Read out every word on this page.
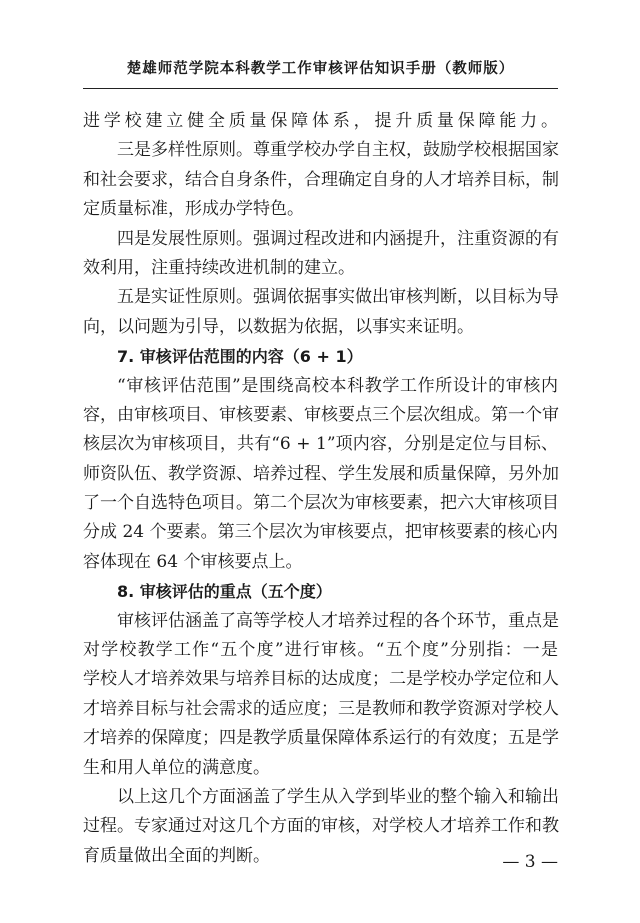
楚雄师范学院本科教学工作审核评估知识手册（教师版）
进学校建立健全质量保障体系，提升质量保障能力。
三是多样性原则。尊重学校办学自主权，鼓励学校根据国家
和社会要求，结合自身条件，合理确定自身的人才培养目标，制
定质量标准，形成办学特色。
四是发展性原则。强调过程改进和内涵提升，注重资源的有
效利用，注重持续改进机制的建立。
五是实证性原则。强调依据事实做出审核判断，以目标为导
向，以问题为引导，以数据为依据，以事实来证明。
7. 审核评估范围的内容（6 + 1）
“审核评估范围”是围绕高校本科教学工作所设计的审核内
容，由审核项目、审核要素、审核要点三个层次组成。第一个审
核层次为审核项目，共有“6 + 1”项内容，分别是定位与目标、
师资队伍、教学资源、培养过程、学生发展和质量保障，另外加
了一个自选特色项目。第二个层次为审核要素，把六大审核项目
分成 24 个要素。第三个层次为审核要点，把审核要素的核心内
容体现在 64 个审核要点上。
8. 审核评估的重点（五个度）
审核评估涵盖了高等学校人才培养过程的各个环节，重点是
对学校教学工作“五个度”进行审核。“五个度”分别指：一是
学校人才培养效果与培养目标的达成度；二是学校办学定位和人
才培养目标与社会需求的适应度；三是教师和教学资源对学校人
才培养的保障度；四是教学质量保障体系运行的有效度；五是学
生和用人单位的满意度。
以上这几个方面涵盖了学生从入学到毕业的整个输入和输出
过程。专家通过对这几个方面的审核，对学校人才培养工作和教
育质量做出全面的判断。	— 3 —
